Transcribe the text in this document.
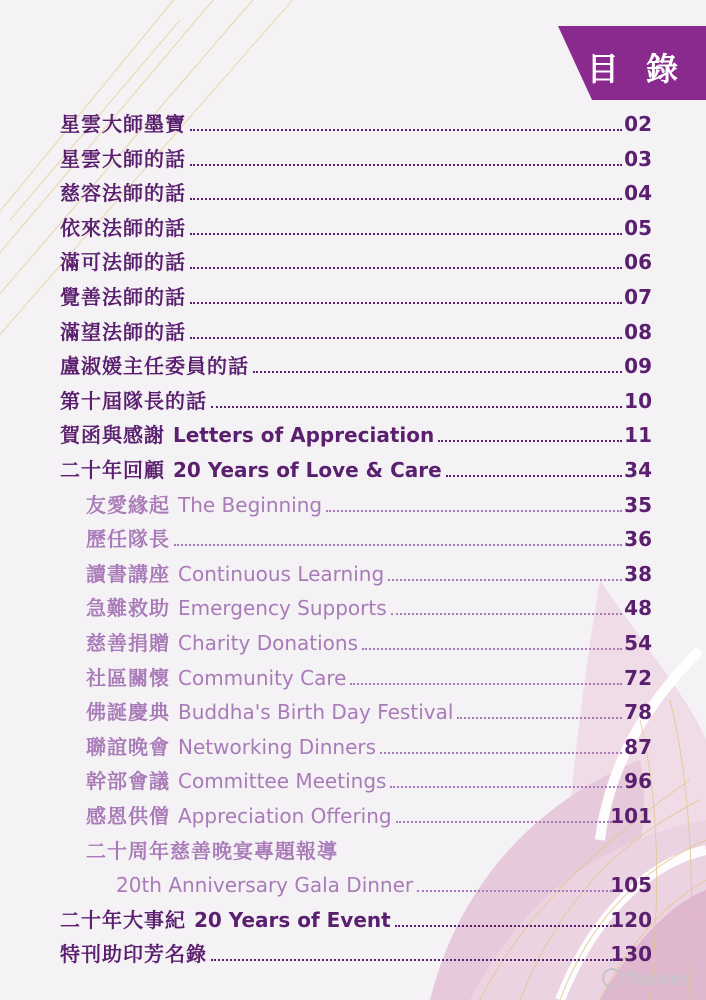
目 錄
星雲大師墨寶	02
星雲大師的話	03
慈容法師的話	04
依來法師的話	05
滿可法師的話	06
覺善法師的話	07
滿望法師的話	08
盧淑媛主任委員的話	09
第十屆隊長的話	10
賀函與感謝 Letters of Appreciation	11
二十年回顧 20 Years of Love & Care	34
友愛緣起 The Beginning	35
歷任隊長	36
讀書講座 Continuous Learning	38
急難救助 Emergency Supports	48
慈善捐贈 Charity Donations	54
社區關懷 Community Care	72
佛誕慶典 Buddha's Birth Day Festival	78
聯誼晚會 Networking Dinners	87
幹部會議 Committee Meetings	96
感恩供僧 Appreciation Offering	101
二十周年慈善晚宴專題報導
20th Anniversary Gala Dinner	105
二十年大事紀 20 Years of Event	120
特刊助印芳名錄	130
Tasker
